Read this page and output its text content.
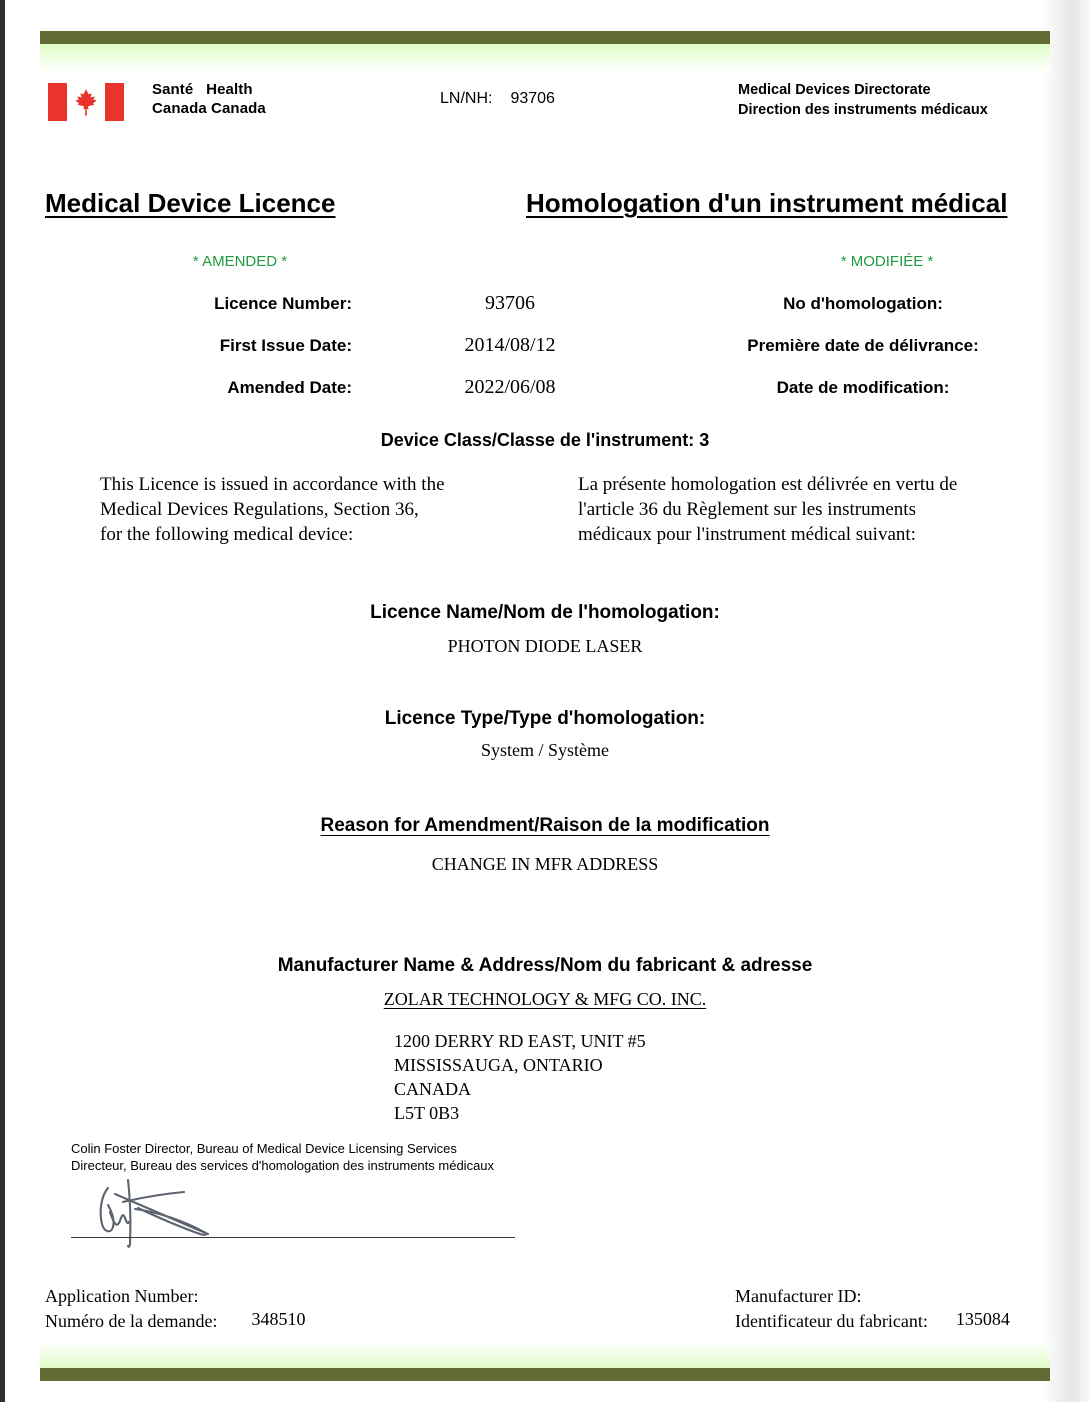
Santé   Health
Canada Canada
LN/NH: 93706	Medical Devices Directorate
Direction des instruments médicaux
Medical Device Licence	Homologation d'un instrument médical
* AMENDED *	* MODIFIÉE *
Licence Number:	93706	No d'homologation:
First Issue Date:	2014/08/12	Première date de délivrance:
Amended Date:	2022/06/08	Date de modification:
Device Class/Classe de l'instrument: 3
This Licence is issued in accordance with the
Medical Devices Regulations, Section 36,
for the following medical device:
La présente homologation est délivrée en vertu de
l'article 36 du Règlement sur les instruments
médicaux pour l'instrument médical suivant:
Licence Name/Nom de l'homologation:
PHOTON DIODE LASER
Licence Type/Type d'homologation:
System / Système
Reason for Amendment/Raison de la modification
CHANGE IN MFR ADDRESS
Manufacturer Name & Address/Nom du fabricant & adresse
ZOLAR TECHNOLOGY & MFG CO. INC.
1200 DERRY RD EAST, UNIT #5
MISSISSAUGA, ONTARIO
CANADA
L5T 0B3
Colin Foster Director, Bureau of Medical Device Licensing Services
Directeur, Bureau des services d'homologation des instruments médicaux
Application Number:
Numéro de la demande:	348510
Manufacturer ID:
Identificateur du fabricant:	135084
